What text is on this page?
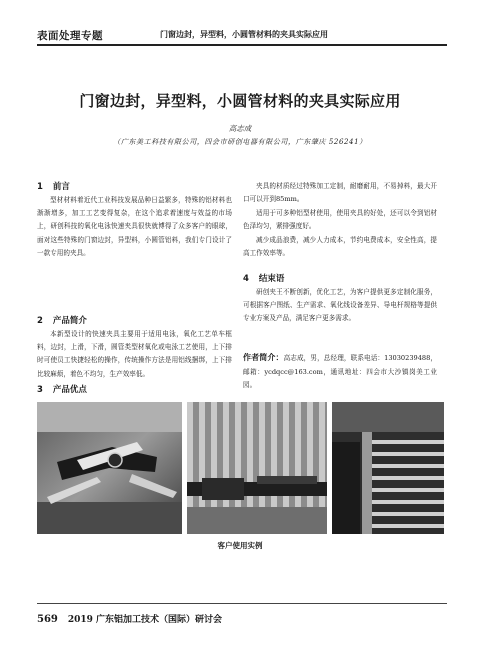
表面处理专题	门窗边封，异型料，小圆管材料的夹具实际应用
门窗边封，异型料，小圆管材料的夹具实际应用
高志成
（广东美工科技有限公司，四会市研创电器有限公司，广东肇庆 526241）
1 前言
型材材料着近代工业科技发展品种日益繁多，特殊的铝材料也渐渐增多，加工工艺变得复杂，在这个追求着速度与效益的市场上，研创科技的氧化电泳快速夹具很快就博得了众多客户的眼球，面对这些特殊的门窗边封，异型料，小圆管铝料，我们专门设计了一款专用的夹具。
2 产品简介
本新型设计的快速夹具主要用于适用电泳，氧化工艺单车框料，边封，上滑，下滑，圆管类型材氧化或电泳工艺使用，上下排时可使员工快捷轻松的操作，传统操作方法是用铝线捆绑，上下排比较麻烦，着色不均匀，生产效率低。
3 产品优点
夹具的材质经过特殊加工定制，耐磨耐用，不易掉料，最大开口可以开到85mm。
适用于可多种铝型材使用，使用夹具的好处，还可以令到铝材色泽均匀，紧排强度好。
减少成品浪费，减少人力成本，节约电费成本，安全性高，提高工作效率等。
4 结束语
研创夹王不断创新，优化工艺，为客户提供更多定制化服务，可根据客户图纸、生产需求、氧化线设备差异、导电杆规格等提供专业方案及产品，满足客户更多需求。
作者简介：高志成，男，总经理，联系电话：13030239488，邮箱：ycdqcc@163.com，通讯地址：四会市大沙镇岗美工业园。
客户使用实例
569 2019 广东铝加工技术（国际）研讨会
